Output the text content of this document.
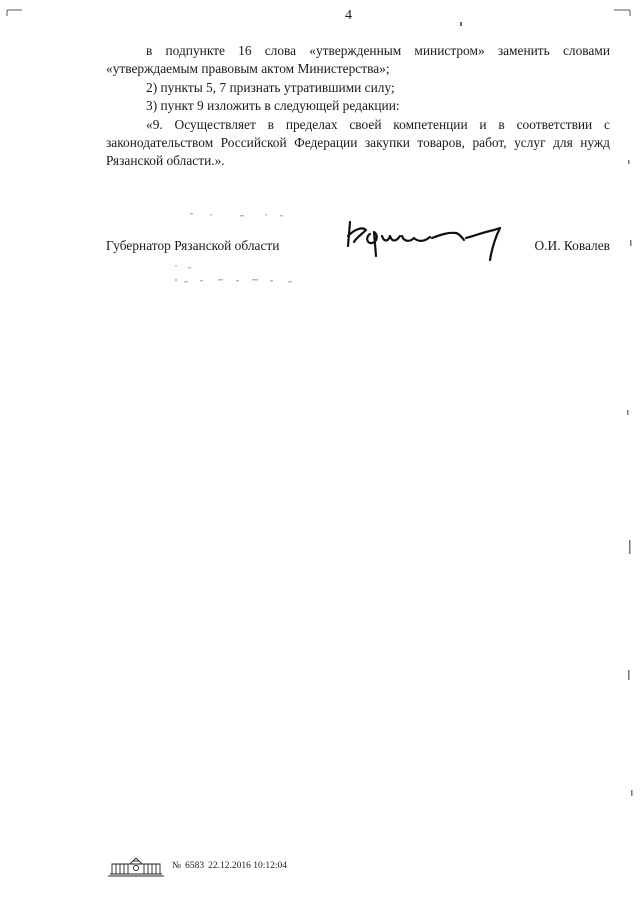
4

в подпункте 16 слова «утвержденным министром» заменить словами «утверждаемым правовым актом Министерства»;

2) пункты 5, 7 признать утратившими силу;

3) пункт 9 изложить в следующей редакции:

«9. Осуществляет в пределах своей компетенции и в соответствии с законодательством Российской Федерации закупки товаров, работ, услуг для нужд Рязанской области.».

Губернатор Рязанской области	О.И. Ковалев
№ 6583 22.12.2016 10:12:04
